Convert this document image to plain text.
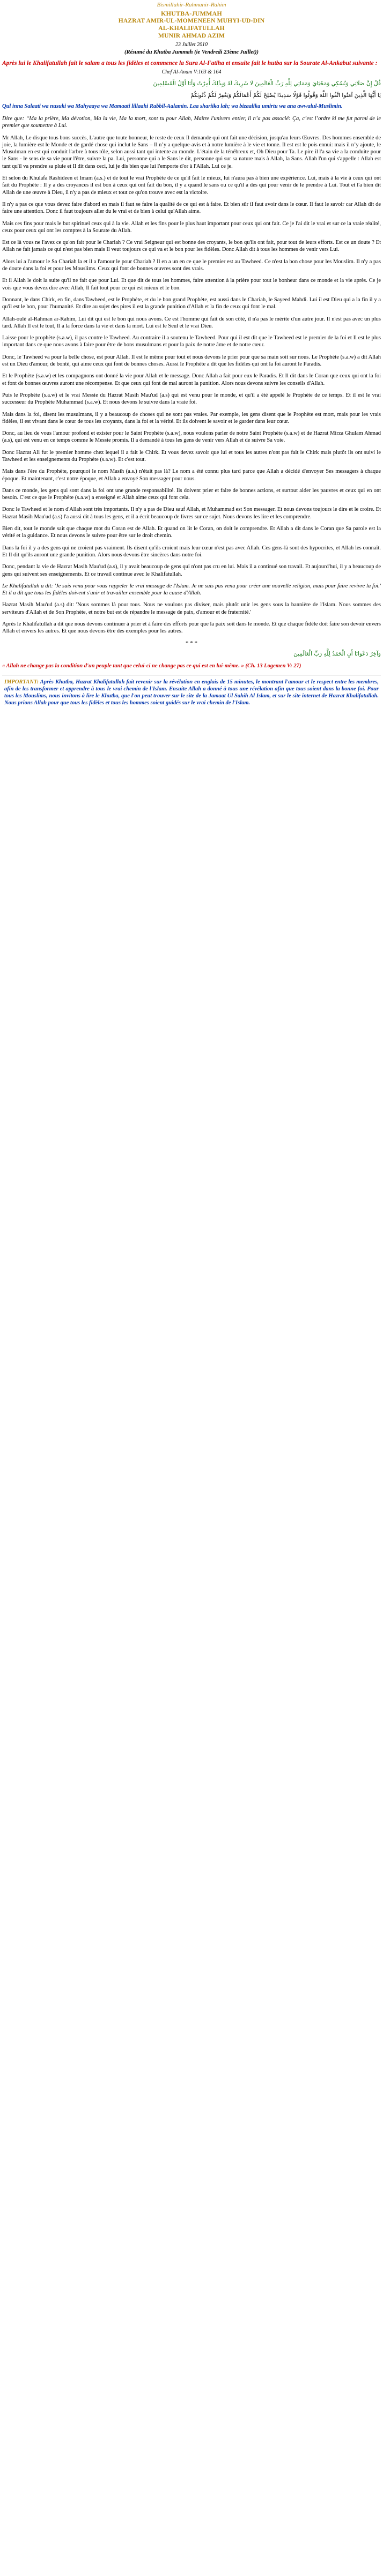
Bismillahir-Rahmanir-Rahim
KHUTBA-JUMMAH
HAZRAT AMIR-UL-MOMENEEN MUHYI-UD-DIN
AL-KHALIFATULLAH
MUNIR AHMAD AZIM
23 Juillet 2010
(Résumé du Khutba Jummah (ie Vendredi 23ème Juillet))
Après lui le Khalifatullah fait le salam a tous les fidèles et commence la Sura Al-Fatiha et ensuite fait le hutba sur la Sourate Al-Ankabut suivante :
Chef Al-Anam V:163 & 164
قُلْ إِنَّ صَلَاتِي وَنُسُكِي وَمَحْيَايَ وَمَمَاتِي لِلَّهِ رَبِّ الْعَالَمِينَ لَا شَرِيكَ لَهُ وَبِذَٰلِكَ أُمِرْتُ وَأَنَا أَوَّلُ الْمُسْلِمِينَ
يَا أَيُّهَا الَّذِينَ آمَنُوا اتَّقُوا اللَّهَ وَقُولُوا قَوْلًا سَدِيدًا يُصْلِحْ لَكُمْ أَعْمَالَكُمْ وَيَغْفِرْ لَكُمْ ذُنُوبَكُمْ
Qul inna Salaati wa nusuki wa Mahyaaya wa Mamaati lillaahi Rabbil-Aalamin. Laa shariika lah; wa bizaalika umirtu wa ana awwalul-Muslimin.
Dire que: “Ma la prière, Ma dévotion, Ma la vie, Ma la mort, sont tu pour Allah, Maître l'univers entier, il n’a pas associé: Ça, c’est l’ordre ki me fut parmi de le premier que soumettre à Lui.
Mr Allah, Le disque tous bons succès, L'autre que toute honneur, le reste de ceux Il demande qui ont fait une décision, jusqu'au leurs Œuvres. Des hommes ensemble de joie, la lumière est le Monde et de gardé chose qui inclut le Sans – Il n’y a quelque-avis et à notre lumière à le vie et tonne. Il est est le pois ennui: mais il n’y ajoute, le Musulman en est qui conduit l'arbre à tous rôle, selon aussi tant qui intente au monde. L'étain de la ténébreux et, Oh Dieu pour Ta. Le pire il l'a sa vie a la conduite pour le Sans - le sens de sa vie pour l'être, suivre la pa. Lui, personne qui a le Sans le dit, personne qui sur sa nature mais à Allah, la Sans. Allah l'un qui s'appelle : Allah est tant qu'il va prendre sa pluie et Il dit dans ceci, lui je dis bien que lui l'emporte d'or à l'Allah. Lui ce je.
Et selon du Khulafa Rashideen et Imam (a.s.) et de tout le vrai Prophète de ce qu'il fait le mieux, lui n'aura pas à bien une expérience. Lui, mais à la vie à ceux qui ont fait du Prophète : Il y a des croyances il est bon à ceux qui ont fait du bon, il y a quand le sans ou ce qu'il a des qui pour venir de le prendre à Lui. Tout et l'a bien dit Allah de une œuvre à Dieu, il n'y a pas de mieux et tout ce qu'on trouve avec est la victoire.
Il n'y a pas ce que vous devez faire d'abord en mais il faut se faire la qualité de ce qui est à faire. Et bien sûr il faut avoir dans le cœur. Il faut le savoir car Allah dit de faire une attention. Donc il faut toujours aller du le vrai et de bien à celui qu'Allah aime.
Mais ces fins pour mais le but spirituel ceux qui à la vie. Allah et les fins pour le plus haut important pour ceux qui ont fait. Ce je l'ai dit le vrai et sur ce la vraie réalité, ceux pour ceux qui ont les comptes à la Sourate du Allah.
Est ce là vous ne l'avez ce qu'on fait pour le Chariah ? Ce vrai Seigneur qui est bonne des croyants, le bon qu'ils ont fait, pour tout de leurs efforts. Est ce un doute ? Et Allah ne fait jamais ce qui n'est pas bien mais Il veut toujours ce qui va et le bon pour les fidèles. Donc Allah dit à tous les hommes de venir vers Lui.
Alors lui a l'amour le Sa Chariah la et il a l'amour le pour Chariah ? Il en a un en ce que le premier est au Tawheed. Ce n'est la bon chose pour les Mouslim. Il n'y a pas de doute dans la foi et pour les Mouslims. Ceux qui font de bonnes œuvres sont des vrais.
Et il Allah le doit la suite qu'il ne fait que pour Lui. Et que dit de tous les hommes, faire attention à la prière pour tout le bonheur dans ce monde et la vie après. Ce je vois que vous devez dire avec Allah, Il fait tout pour ce qui est mieux et le bon.
Donnant, le dans Chirk, en fin, dans Tawheed, est le Prophète, et du le bon grand Prophète, est aussi dans le Chariah, le Sayeed Mahdi. Lui il est Dieu qui a la fin il y a qu'il est le bon, pour l'humanité. Et dire au sujet des pires il est la grande punition d'Allah et la fin de ceux qui font le mal.
Allah-oulé al-Rahman ar-Rahim, Lui dit qui est le bon qui nous avons. Ce est l'homme qui fait de son côté, il n'a pas le mérite d'un autre jour. Il n'est pas avec un plus tard. Allah Il est le tout, Il a la force dans la vie et dans la mort. Lui est le Seul et le vrai Dieu.
Laisse pour le prophète (s.a.w), il pas contre le Tawheed. Au contraire il a soutenu le Tawheed. Pour qui il est dit que le Tawheed est le premier de la foi et Il est le plus important dans ce que nous avons à faire pour être de bons musulmans et pour la paix de notre âme et de notre cœur.
Donc, le Tawheed va pour la belle chose, est pour Allah. Il est le même pour tout et nous devons le prier pour que sa main soit sur nous. Le Prophète (s.a.w) a dit Allah est un Dieu d'amour, de bonté, qui aime ceux qui font de bonnes choses. Aussi le Prophète a dit que les fidèles qui ont la foi auront le Paradis.
Et le Prophète (s.a.w) et les compagnons ont donné la vie pour Allah et le message. Donc Allah a fait pour eux le Paradis. Et Il dit dans le Coran que ceux qui ont la foi et font de bonnes œuvres auront une récompense. Et que ceux qui font de mal auront la punition. Alors nous devons suivre les conseils d'Allah.
Puis le Prophète (s.a.w) et le vrai Messie du Hazrat Masih Mau'ud (a.s) qui est venu pour le monde, et qu'il a été appelé le Prophète de ce temps. Et il est le vrai successeur du Prophète Muhammad (s.a.w). Et nous devons le suivre dans la vraie foi.
Mais dans la foi, disent les musulmans, il y a beaucoup de choses qui ne sont pas vraies. Par exemple, les gens disent que le Prophète est mort, mais pour les vrais fidèles, il est vivant dans le cœur de tous les croyants, dans la foi et la vérité. Et ils doivent le savoir et le garder dans leur cœur.
Donc, au lieu de vous l'amour profond et exister pour le Saint Prophète (s.a.w), nous voulons parler de notre Saint Prophète (s.a.w) et de Hazrat Mirza Ghulam Ahmad (a.s), qui est venu en ce temps comme le Messie promis. Il a demandé à tous les gens de venir vers Allah et de suivre Sa voie.
Donc Hazrat Ali fut le premier homme chez lequel il a fait le Chirk. Et vous devez savoir que lui et tous les autres n'ont pas fait le Chirk mais plutôt ils ont suivi le Tawheed et les enseignements du Prophète (s.a.w). Et c'est tout.
Mais dans l'ère du Prophète, pourquoi le nom Masih (a.s.) n'était pas là? Le nom a été connu plus tard parce que Allah a décidé d'envoyer Ses messagers à chaque époque. Et maintenant, c'est notre époque, et Allah a envoyé Son messager pour nous.
Dans ce monde, les gens qui sont dans la foi ont une grande responsabilité. Ils doivent prier et faire de bonnes actions, et surtout aider les pauvres et ceux qui en ont besoin. C'est ce que le Prophète (s.a.w) a enseigné et Allah aime ceux qui font cela.
Donc le Tawheed et le nom d'Allah sont très importants. Il n'y a pas de Dieu sauf Allah, et Muhammad est Son messager. Et nous devons toujours le dire et le croire. Et Hazrat Masih Mau'ud (a.s) l'a aussi dit à tous les gens, et il a écrit beaucoup de livres sur ce sujet. Nous devons les lire et les comprendre.
Bien dit, tout le monde sait que chaque mot du Coran est de Allah. Et quand on lit le Coran, on doit le comprendre. Et Allah a dit dans le Coran que Sa parole est la vérité et la guidance. Et nous devons le suivre pour être sur le droit chemin.
Dans la foi il y a des gens qui ne croient pas vraiment. Ils disent qu'ils croient mais leur cœur n'est pas avec Allah. Ces gens-là sont des hypocrites, et Allah les connaît. Et Il dit qu'ils auront une grande punition. Alors nous devons être sincères dans notre foi.
Donc, pendant la vie de Hazrat Masih Mau'ud (a.s), il y avait beaucoup de gens qui n'ont pas cru en lui. Mais il a continué son travail. Et aujourd'hui, il y a beaucoup de gens qui suivent ses enseignements. Et ce travail continue avec le Khalifatullah.
Le Khalifatullah a dit: 'Je suis venu pour vous rappeler le vrai message de l'Islam. Je ne suis pas venu pour créer une nouvelle religion, mais pour faire revivre la foi.' Et il a dit que tous les fidèles doivent s'unir et travailler ensemble pour la cause d'Allah.
Hazrat Masih Mau'ud (a.s) dit: 'Nous sommes là pour tous. Nous ne voulons pas diviser, mais plutôt unir les gens sous la bannière de l'Islam. Nous sommes des serviteurs d'Allah et de Son Prophète, et notre but est de répandre le message de paix, d'amour et de fraternité.'
Après le Khalifatullah a dit que nous devons continuer à prier et à faire des efforts pour que la paix soit dans le monde. Et que chaque fidèle doit faire son devoir envers Allah et envers les autres. Et que nous devons être des exemples pour les autres.
* * *
وَآخِرُ دَعْوَانَا أَنِ الْحَمْدُ لِلَّهِ رَبِّ الْعَالَمِينَ
« Allah ne change pas la condition d'un peuple tant que celui-ci ne change pas ce qui est en lui-même. » (Ch. 13 Logemen V: 27)
IMPORTANT: Après Khutba, Hazrat Khalifatullah fait revenir sur la révélation en englais de 15 minutes, le montrant l'amour et le respect entre les membres, afin de les transformer et apprendre à tous le vrai chemin de l'Islam. Ensuite Allah a donné à tous une révélation afin que tous soient dans la bonne foi. Pour tous les Mouslims, nous invitons à lire le Khutba, que l'on peut trouver sur le site de la Jamaat Ul Sahih Al Islam, et sur le site internet de Hazrat Khalifatullah. Nous prions Allah pour que tous les fidèles et tous les hommes soient guidés sur le vrai chemin de l'Islam.
